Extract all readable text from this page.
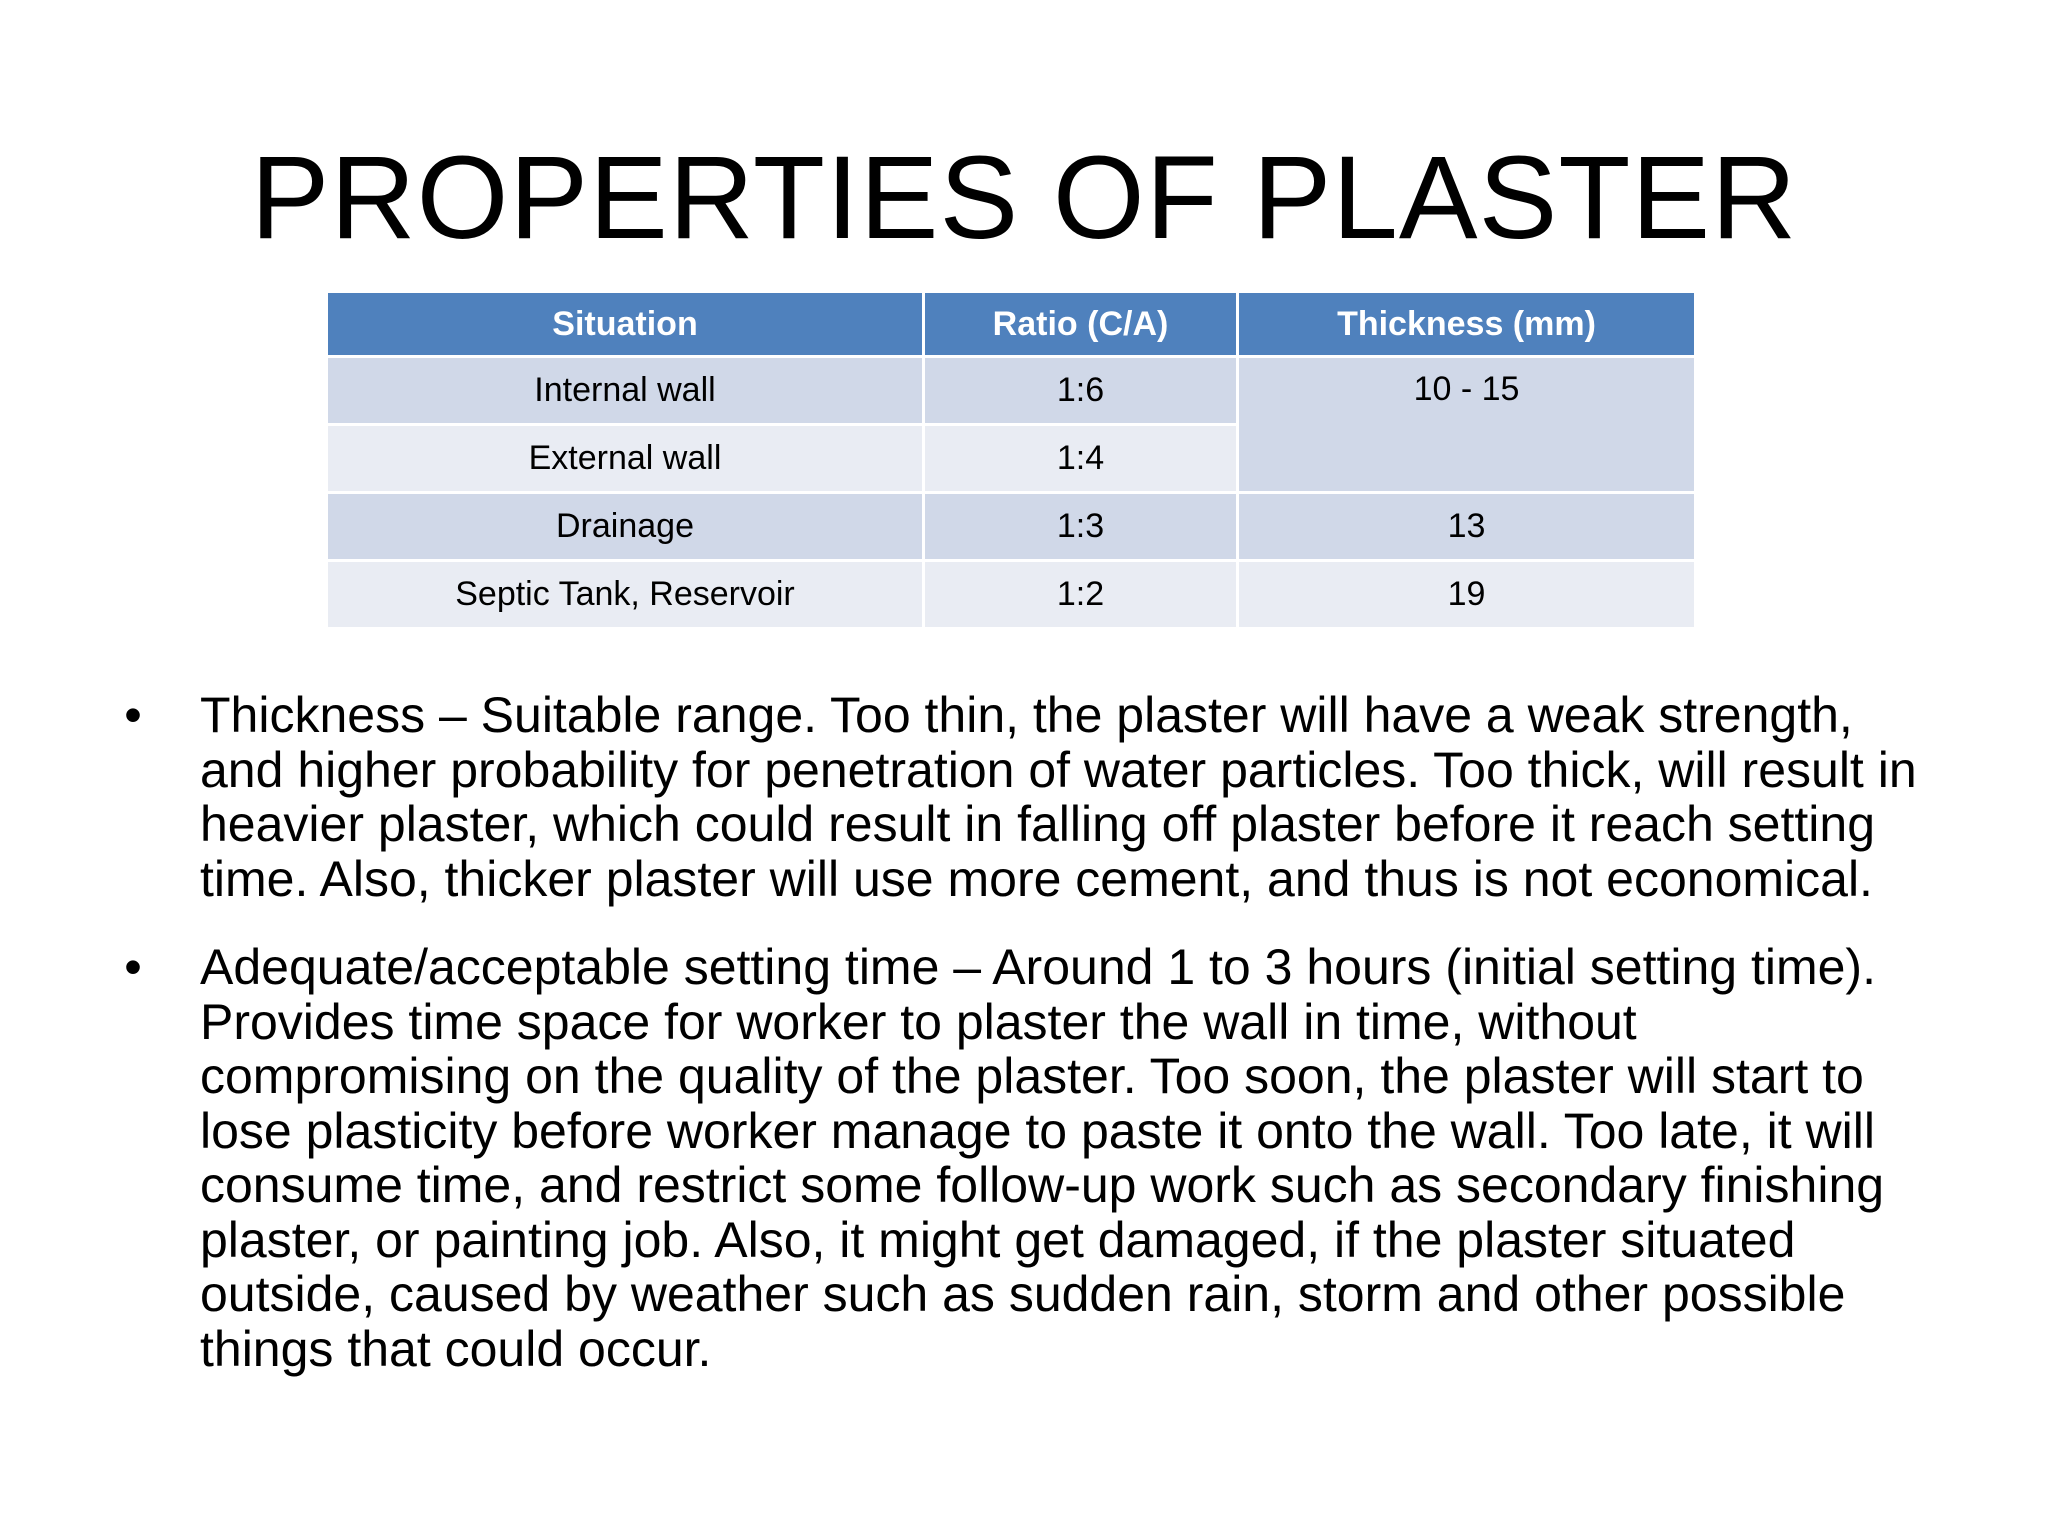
PROPERTIES OF PLASTER
Situation	Ratio (C/A)	Thickness (mm)
Internal wall	1:6	10 - 15
External wall	1:4	
Drainage	1:3	13
Septic Tank, Reservoir	1:2	19
• Thickness – Suitable range. Too thin, the plaster will have a weak strength, and higher probability for penetration of water particles. Too thick, will result in heavier plaster, which could result in falling off plaster before it reach setting time. Also, thicker plaster will use more cement, and thus is not economical.
• Adequate/acceptable setting time – Around 1 to 3 hours (initial setting time). Provides time space for worker to plaster the wall in time, without compromising on the quality of the plaster. Too soon, the plaster will start to lose plasticity before worker manage to paste it onto the wall. Too late, it will consume time, and restrict some follow-up work such as secondary finishing plaster, or painting job. Also, it might get damaged, if the plaster situated outside, caused by weather such as sudden rain, storm and other possible things that could occur.
